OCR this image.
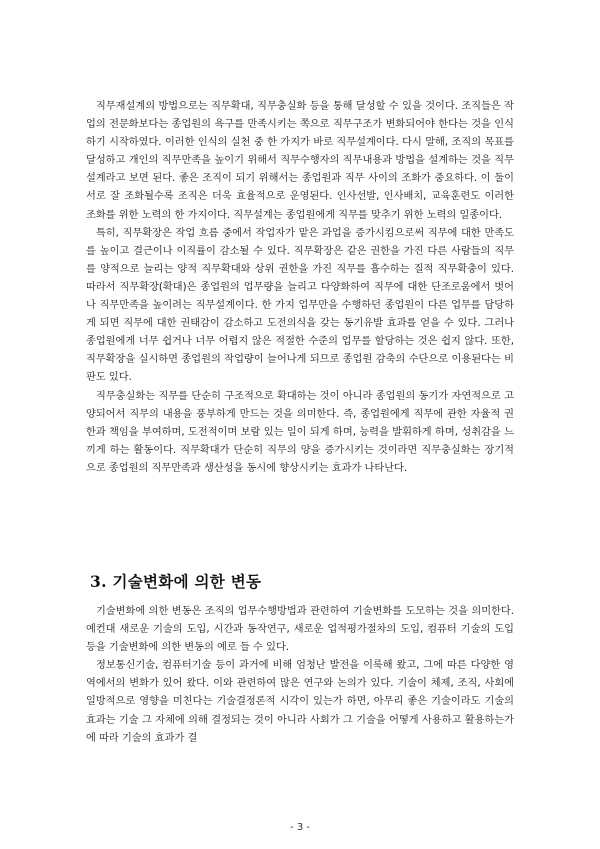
직무재설계의 방법으로는 직무확대, 직무충실화 등을 통해 달성할 수 있을 것이다. 조직들은 작업의 전문화보다는 종업원의 욕구를 만족시키는 쪽으로 직무구조가 변화되어야 한다는 것을 인식하기 시작하였다. 이러한 인식의 실천 중 한 가지가 바로 직무설계이다. 다시 말해, 조직의 목표를 달성하고 개인의 직무만족을 높이기 위해서 직무수행자의 직무내용과 방법을 설계하는 것을 직무설계라고 보면 된다. 좋은 조직이 되기 위해서는 종업원과 직무 사이의 조화가 중요하다. 이 둘이 서로 잘 조화될수록 조직은 더욱 효율적으로 운영된다. 인사선발, 인사배치, 교육훈련도 이러한 조화를 위한 노력의 한 가지이다. 직무설계는 종업원에게 직무를 맞추기 위한 노력의 일종이다.

특히, 직무확장은 작업 흐름 중에서 작업자가 맡은 과업을 증가시킴으로써 직무에 대한 만족도를 높이고 결근이나 이직률이 감소될 수 있다. 직무확장은 같은 권한을 가진 다른 사람들의 직무를 양적으로 늘리는 양적 직무확대와 상위 권한을 가진 직무를 흡수하는 질적 직무확충이 있다. 따라서 직무확장(확대)은 종업원의 업무량을 늘리고 다양화하여 직무에 대한 단조로움에서 벗어나 직무만족을 높이려는 직무설계이다. 한 가지 업무만을 수행하던 종업원이 다른 업무를 담당하게 되면 직무에 대한 권태감이 감소하고 도전의식을 갖는 동기유발 효과를 얻을 수 있다. 그러나 종업원에게 너무 쉽거나 너무 어렵지 않은 적절한 수준의 업무를 할당하는 것은 쉽지 않다. 또한, 직무확장을 실시하면 종업원의 작업량이 늘어나게 되므로 종업원 감축의 수단으로 이용된다는 비판도 있다.

직무충실화는 직무를 단순히 구조적으로 확대하는 것이 아니라 종업원의 동기가 자연적으로 고양되어서 직무의 내용을 풍부하게 만드는 것을 의미한다. 즉, 종업원에게 직무에 관한 자율적 권한과 책임을 부여하며, 도전적이며 보람 있는 일이 되게 하며, 능력을 발휘하게 하며, 성취감을 느끼게 하는 활동이다. 직무확대가 단순히 직무의 양을 증가시키는 것이라면 직무충실화는 장기적으로 종업원의 직무만족과 생산성을 동시에 향상시키는 효과가 나타난다.

3. 기술변화에 의한 변동

기술변화에 의한 변동은 조직의 업무수행방법과 관련하여 기술변화를 도모하는 것을 의미한다. 예컨대 새로운 기술의 도입, 시간과 동작연구, 새로운 업적평가절차의 도입, 컴퓨터 기술의 도입 등을 기술변화에 의한 변동의 예로 들 수 있다.

정보통신기술, 컴퓨터기술 등이 과거에 비해 엄청난 발전을 이룩해 왔고, 그에 따른 다양한 영역에서의 변화가 있어 왔다. 이와 관련하여 많은 연구와 논의가 있다. 기술이 체제, 조직, 사회에 일방적으로 영향을 미친다는 기술결정론적 시각이 있는가 하면, 아무리 좋은 기술이라도 기술의 효과는 기술 그 자체에 의해 결정되는 것이 아니라 사회가 그 기술을 어떻게 사용하고 활용하는가에 따라 기술의 효과가 결

- 3 -
